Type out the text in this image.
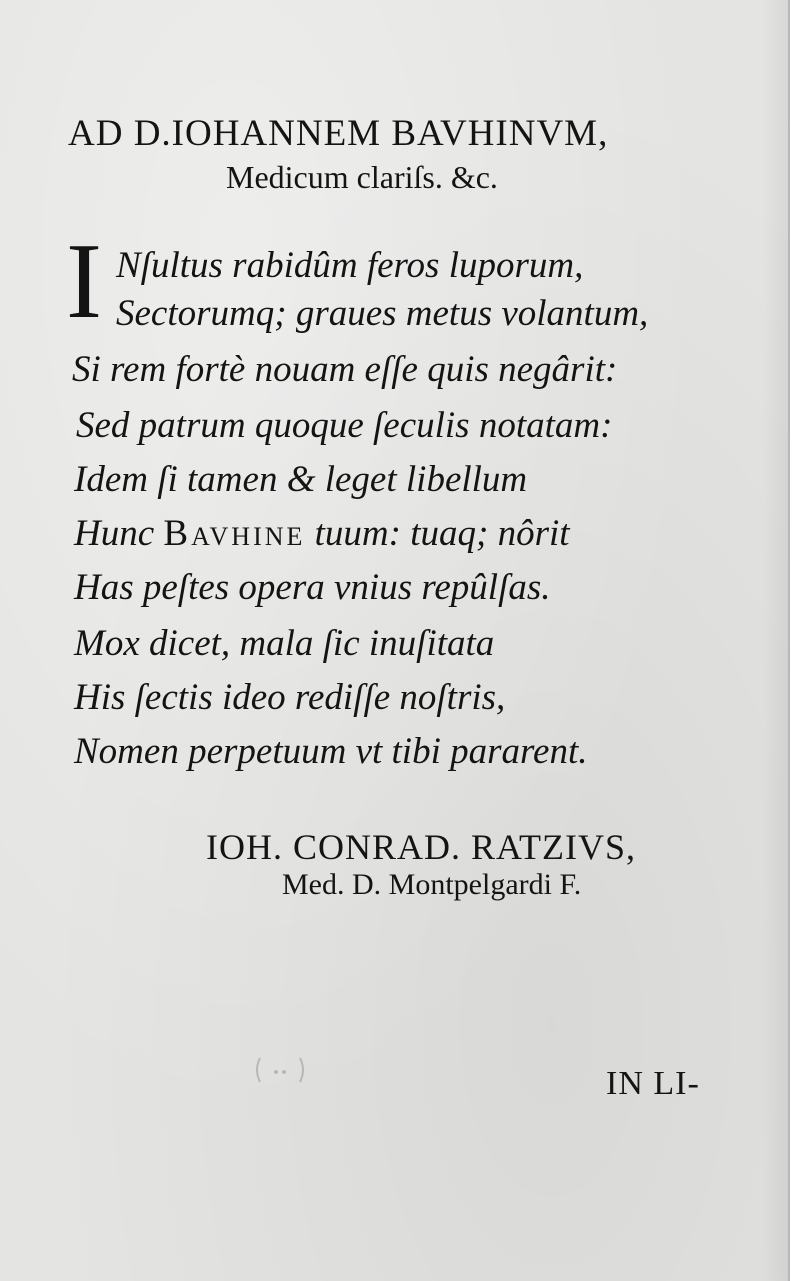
AD D.IOHANNEM BAVHINVM,
Medicum clariſs. &c.
I Nſultus rabidûm feros luporum,
Sectorumq; graues metus volantum,
Si rem fortè nouam eſſe quis negârit:
Sed patrum quoque ſeculis notatam:
Idem ſi tamen & leget libellum
Hunc Bavhine tuum: tuaq; nôrit
Has peſtes opera vnius repûlſas.
Mox dicet, mala ſic inuſitata
His ſectis ideo rediſſe noſtris,
Nomen perpetuum vt tibi pararent.
IOH. CONRAD. RATZIVS,
Med. D. Montpelgardi F.
IN LI-
